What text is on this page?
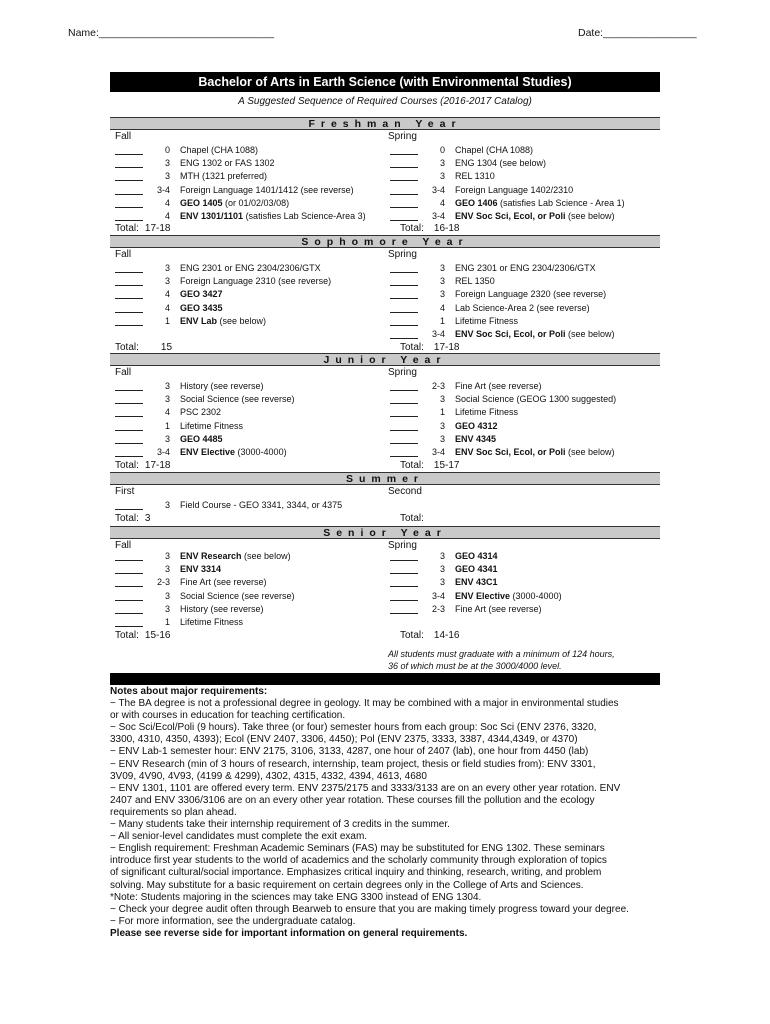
Name:______________________________	Date:________________
Bachelor of Arts in Earth Science (with Environmental Studies)
A Suggested Sequence of Required Courses (2016-2017 Catalog)
Freshman Year
Fall
0 Chapel (CHA 1088)
3 ENG 1302 or FAS 1302
3 MTH (1321 preferred)
3-4 Foreign Language 1401/1412 (see reverse)
4 GEO 1405 (or 01/02/03/08)
4 ENV 1301/1101 (satisfies Lab Science-Area 3)
Total: 17-18
Spring
0 Chapel (CHA 1088)
3 ENG 1304 (see below)
3 REL 1310
3-4 Foreign Language 1402/2310
4 GEO 1406 (satisfies Lab Science - Area 1)
3-4 ENV Soc Sci, Ecol, or Poli (see below)
Total: 16-18
Sophomore Year
Fall
3 ENG 2301 or ENG 2304/2306/GTX
3 Foreign Language 2310 (see reverse)
4 GEO 3427
4 GEO 3435
1 ENV Lab (see below)
Total: 15
Spring
3 ENG 2301 or ENG 2304/2306/GTX
3 REL 1350
3 Foreign Language 2320 (see reverse)
4 Lab Science-Area 2 (see reverse)
1 Lifetime Fitness
3-4 ENV Soc Sci, Ecol, or Poli (see below)
Total: 17-18
Junior Year
Fall
3 History (see reverse)
3 Social Science (see reverse)
4 PSC 2302
1 Lifetime Fitness
3 GEO 4485
3-4 ENV Elective (3000-4000)
Total: 17-18
Spring
2-3 Fine Art (see reverse)
3 Social Science (GEOG 1300 suggested)
1 Lifetime Fitness
3 GEO 4312
3 ENV 4345
3-4 ENV Soc Sci, Ecol, or Poli (see below)
Total: 15-17
Summer
First
3 Field Course - GEO 3341, 3344, or 4375
Total: 3
Second
Total:
Senior Year
Fall
3 ENV Research (see below)
3 ENV 3314
2-3 Fine Art (see reverse)
3 Social Science (see reverse)
3 History (see reverse)
1 Lifetime Fitness
Total: 15-16
Spring
3 GEO 4314
3 GEO 4341
3 ENV 43C1
3-4 ENV Elective (3000-4000)
2-3 Fine Art (see reverse)
Total: 14-16
All students must graduate with a minimum of 124 hours,
36 of which must be at the 3000/4000 level.
Notes about major requirements:
− The BA degree is not a professional degree in geology. It may be combined with a major in environmental studies
or with courses in education for teaching certification.
− Soc Sci/Ecol/Poli (9 hours). Take three (or four) semester hours from each group: Soc Sci (ENV 2376, 3320,
3300, 4310, 4350, 4393); Ecol (ENV 2407, 3306, 4450); Pol (ENV 2375, 3333, 3387, 4344,4349, or 4370)
− ENV Lab-1 semester hour: ENV 2175, 3106, 3133, 4287, one hour of 2407 (lab), one hour from 4450 (lab)
− ENV Research (min of 3 hours of research, internship, team project, thesis or field studies from): ENV 3301,
3V09, 4V90, 4V93, (4199 & 4299), 4302, 4315, 4332, 4394, 4613, 4680
− ENV 1301, 1101 are offered every term. ENV 2375/2175 and 3333/3133 are on an every other year rotation. ENV
2407 and ENV 3306/3106 are on an every other year rotation. These courses fill the pollution and the ecology
requirements so plan ahead.
− Many students take their internship requirement of 3 credits in the summer.
− All senior-level candidates must complete the exit exam.
− English requirement: Freshman Academic Seminars (FAS) may be substituted for ENG 1302. These seminars
introduce first year students to the world of academics and the scholarly community through exploration of topics
of significant cultural/social importance. Emphasizes critical inquiry and thinking, research, writing, and problem
solving. May substitute for a basic requirement on certain degrees only in the College of Arts and Sciences.
*Note: Students majoring in the sciences may take ENG 3300 instead of ENG 1304.
− Check your degree audit often through Bearweb to ensure that you are making timely progress toward your degree.
− For more information, see the undergraduate catalog.
Please see reverse side for important information on general requirements.
